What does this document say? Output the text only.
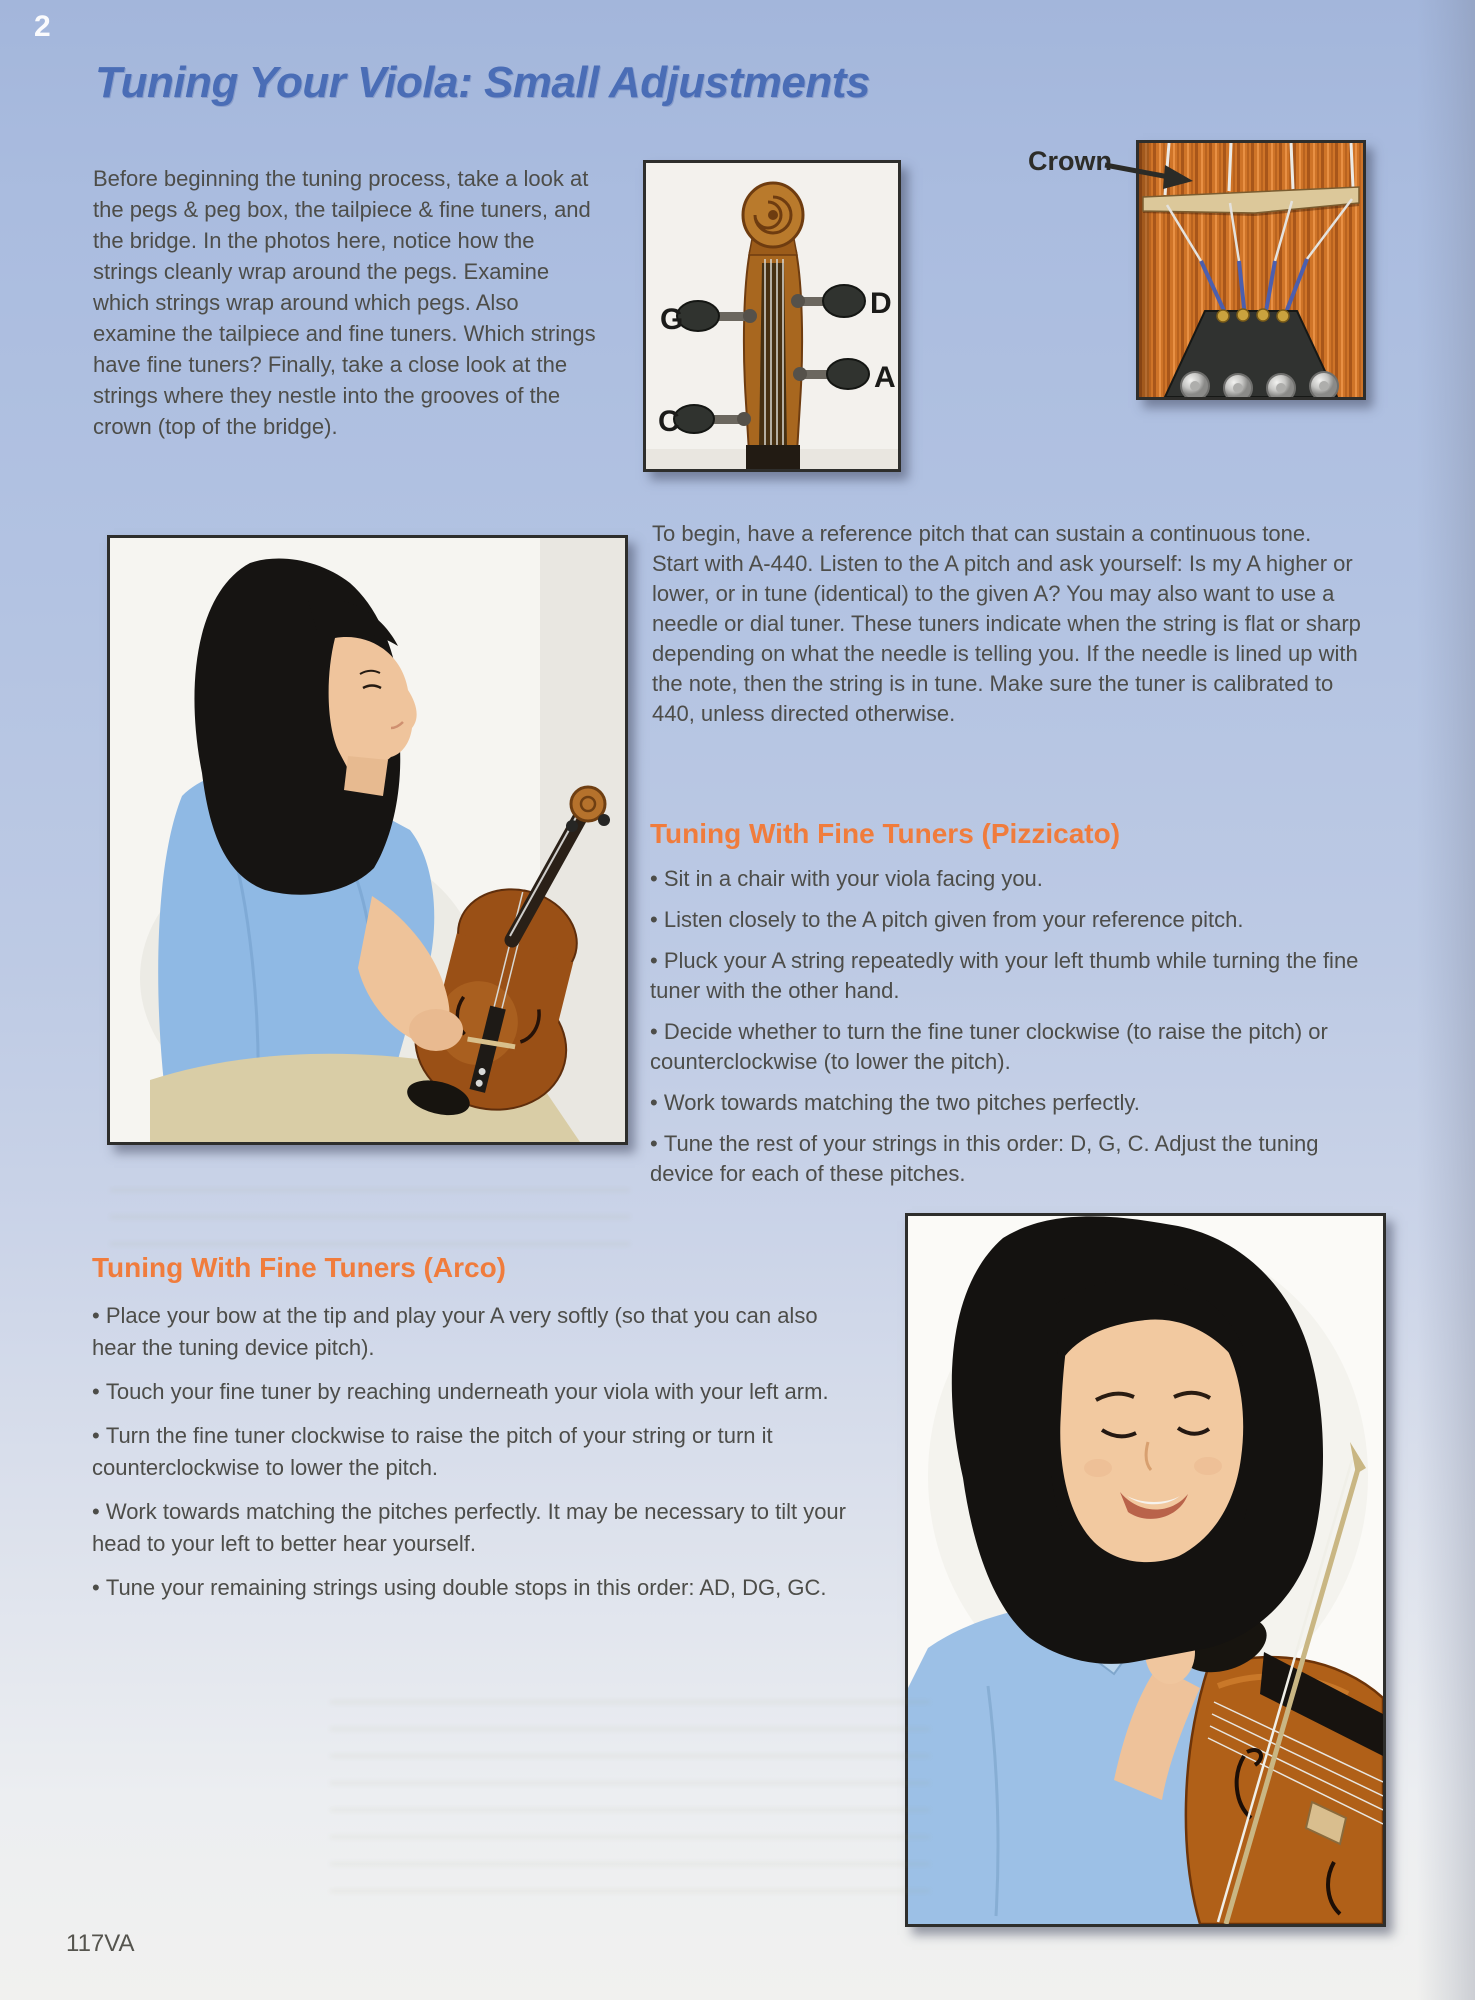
2
Tuning Your Viola: Small Adjustments
Before beginning the tuning process, take a look at the pegs & peg box, the tailpiece & fine tuners, and the bridge. In the photos here, notice how the strings cleanly wrap around the pegs. Examine which strings wrap around which pegs. Also examine the tailpiece and fine tuners. Which strings have fine tuners? Finally, take a close look at the strings where they nestle into the grooves of the crown (top of the bridge).
G	D
A
C
Crown
To begin, have a reference pitch that can sustain a continuous tone. Start with A-440. Listen to the A pitch and ask yourself: Is my A higher or lower, or in tune (identical) to the given A? You may also want to use a needle or dial tuner. These tuners indicate when the string is flat or sharp depending on what the needle is telling you. If the needle is lined up with the note, then the string is in tune. Make sure the tuner is calibrated to 440, unless directed otherwise.
Tuning With Fine Tuners (Pizzicato)
• Sit in a chair with your viola facing you.
• Listen closely to the A pitch given from your reference pitch.
• Pluck your A string repeatedly with your left thumb while turning the fine tuner with the other hand.
• Decide whether to turn the fine tuner clockwise (to raise the pitch) or counterclockwise (to lower the pitch).
• Work towards matching the two pitches perfectly.
• Tune the rest of your strings in this order: D, G, C. Adjust the tuning device for each of these pitches.
Tuning With Fine Tuners (Arco)
• Place your bow at the tip and play your A very softly (so that you can also hear the tuning device pitch).
• Touch your fine tuner by reaching underneath your viola with your left arm.
• Turn the fine tuner clockwise to raise the pitch of your string or turn it counterclockwise to lower the pitch.
• Work towards matching the pitches perfectly. It may be necessary to tilt your head to your left to better hear yourself.
• Tune your remaining strings using double stops in this order: AD, DG, GC.
117VA
